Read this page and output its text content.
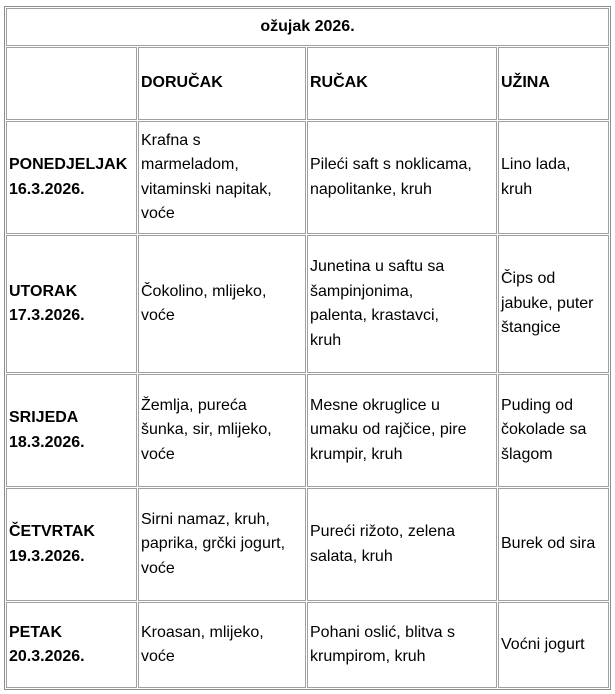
ožujak 2026.			
	DORUČAK	RUČAK	UŽINA

PONEDJELJAK
16.3.2026.	Krafna s
marmeladom,
vitaminski napitak,
voće	Pileći saft s noklicama,
napolitanke, kruh	Lino lada,
kruh

UTORAK
17.3.2026.	Čokolino, mlijeko,
voće	Junetina u saftu sa
šampinjonima,
palenta, krastavci,
kruh	Čips od
jabuke, puter
štangice

SRIJEDA
18.3.2026.	Žemlja, pureća
šunka, sir, mlijeko,
voće	Mesne okruglice u
umaku od rajčice, pire
krumpir, kruh	Puding od
čokolade sa
šlagom

ČETVRTAK
19.3.2026.	Sirni namaz, kruh,
paprika, grčki jogurt,
voće	Pureći rižoto, zelena
salata, kruh	Burek od sira

PETAK
20.3.2026.	Kroasan, mlijeko,
voće	Pohani oslić, blitva s
krumpirom, kruh	Voćni jogurt
